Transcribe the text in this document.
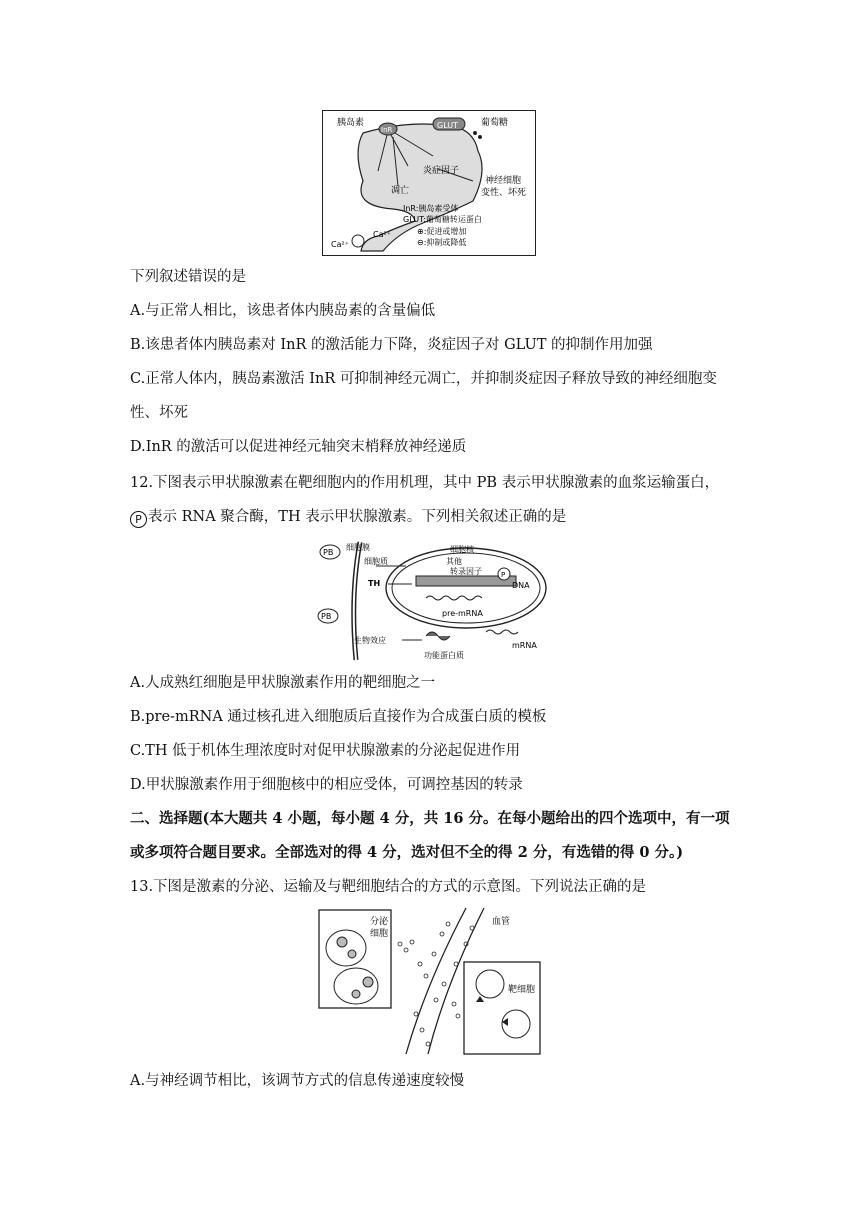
胰岛素
InR	GLUT	葡萄糖
炎症因子
凋亡
神经细胞
变性、坏死
InR:胰岛素受体
GLUT:葡萄糖转运蛋白
⊕:促进或增加
⊖:抑制或降低
Ca²⁺
Ca²⁺
下列叙述错误的是
A.与正常人相比，该患者体内胰岛素的含量偏低
B.该患者体内胰岛素对 InR 的激活能力下降，炎症因子对 GLUT 的抑制作用加强
C.正常人体内，胰岛素激活 InR 可抑制神经元凋亡，并抑制炎症因子释放导致的神经细胞变
性、坏死
D.InR 的激活可以促进神经元轴突末梢释放神经递质
12.下图表示甲状腺激素在靶细胞内的作用机理，其中 PB 表示甲状腺激素的血浆运输蛋白，
P 表示 RNA 聚合酶，TH 表示甲状腺激素。下列相关叙述正确的是
PB
PB
细胞膜
细胞质
细胞核
其他
转录因子
TH
P
DNA
pre-mRNA
生物效应
功能蛋白质
mRNA
A.人成熟红细胞是甲状腺激素作用的靶细胞之一
B.pre-mRNA 通过核孔进入细胞质后直接作为合成蛋白质的模板
C.TH 低于机体生理浓度时对促甲状腺激素的分泌起促进作用
D.甲状腺激素作用于细胞核中的相应受体，可调控基因的转录
二、选择题(本大题共 4 小题，每小题 4 分，共 16 分。在每小题给出的四个选项中，有一项
或多项符合题目要求。全部选对的得 4 分，选对但不全的得 2 分，有选错的得 0 分。)
13.下图是激素的分泌、运输及与靶细胞结合的方式的示意图。下列说法正确的是
分泌
细胞
血管
靶细胞
A.与神经调节相比，该调节方式的信息传递速度较慢
